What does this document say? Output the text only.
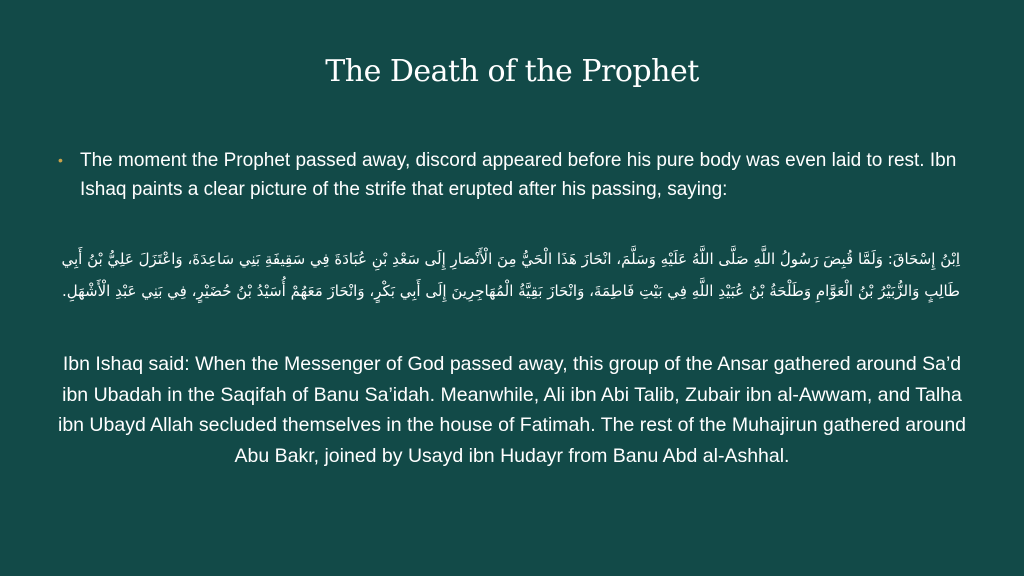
The Death of the Prophet
• The moment the Prophet passed away, discord appeared before his pure body was even laid to rest. Ibn Ishaq paints a clear picture of the strife that erupted after his passing, saying:
اِبْنُ إِسْحَاقَ: وَلَمَّا قُبِضَ رَسُولُ اللَّهِ صَلَّى اللَّهُ عَلَيْهِ وَسَلَّمَ، انْحَازَ هَذَا الْحَيُّ مِنَ الْأَنْصَارِ إِلَى سَعْدِ بْنِ عُبَادَةَ فِي سَقِيفَةِ بَنِي سَاعِدَةَ، وَاعْتَزَلَ عَلِيُّ بْنُ أَبِي طَالِبٍ وَالزُّبَيْرُ بْنُ الْعَوَّامِ وَطَلْحَةُ بْنُ عُبَيْدِ اللَّهِ فِي بَيْتِ فَاطِمَةَ، وَانْحَازَ بَقِيَّةُ الْمُهَاجِرِينَ إِلَى أَبِي بَكْرٍ، وَانْحَازَ مَعَهُمْ أُسَيْدُ بْنُ حُضَيْرٍ، فِي بَنِي عَبْدِ الْأَشْهَلِ.
Ibn Ishaq said: When the Messenger of God passed away, this group of the Ansar gathered around Sa’d ibn Ubadah in the Saqifah of Banu Sa’idah. Meanwhile, Ali ibn Abi Talib, Zubair ibn al-Awwam, and Talha ibn Ubayd Allah secluded themselves in the house of Fatimah. The rest of the Muhajirun gathered around Abu Bakr, joined by Usayd ibn Hudayr from Banu Abd al-Ashhal.
